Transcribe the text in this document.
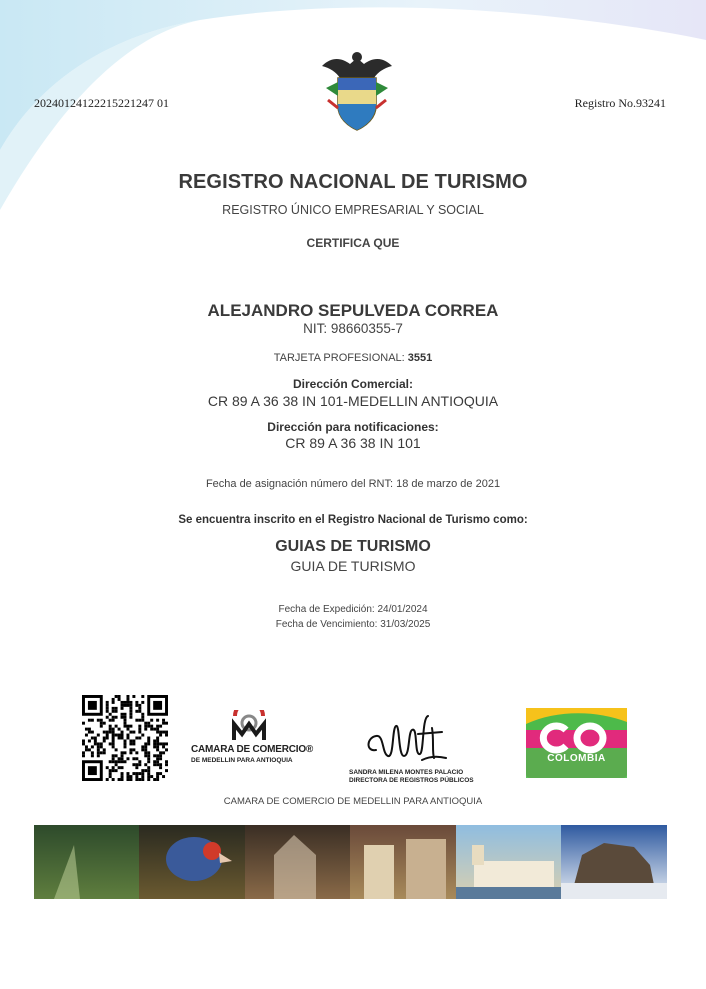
20240124122215221247 01	Registro No.93241
REGISTRO NACIONAL DE TURISMO
REGISTRO ÚNICO EMPRESARIAL Y SOCIAL
CERTIFICA QUE
ALEJANDRO SEPULVEDA CORREA
NIT: 98660355-7
TARJETA PROFESIONAL: 3551
Dirección Comercial:
CR 89 A 36 38 IN 101-MEDELLIN ANTIOQUIA
Dirección para notificaciones:
CR 89 A 36 38 IN 101
Fecha de asignación número del RNT: 18 de marzo de 2021
Se encuentra inscrito en el Registro Nacional de Turismo como:
GUIAS DE TURISMO
GUIA DE TURISMO
Fecha de Expedición: 24/01/2024
Fecha de Vencimiento: 31/03/2025
CAMARA DE COMERCIO®
DE MEDELLIN PARA ANTIOQUIA
SANDRA MILENA MONTES PALACIO
DIRECTORA DE REGISTROS PÚBLICOS
COLOMBIA
CAMARA DE COMERCIO DE MEDELLIN PARA ANTIOQUIA
